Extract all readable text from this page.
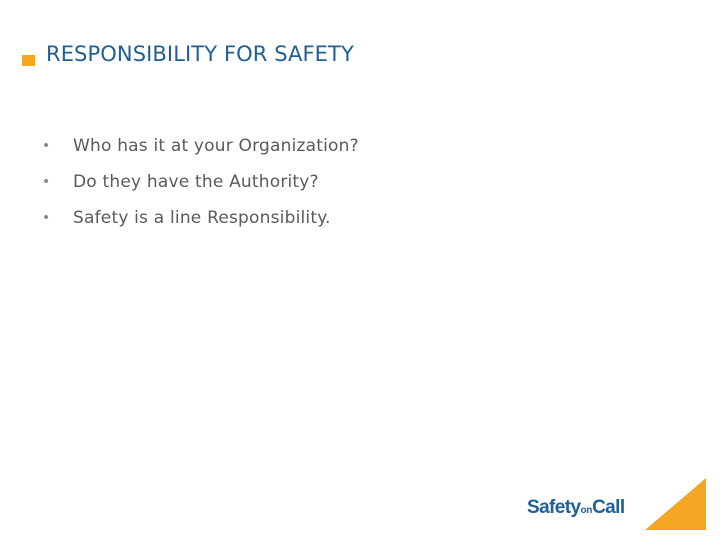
RESPONSIBILITY FOR SAFETY
• Who has it at your Organization?
• Do they have the Authority?
• Safety is a line Responsibility.
SafetyonCall
